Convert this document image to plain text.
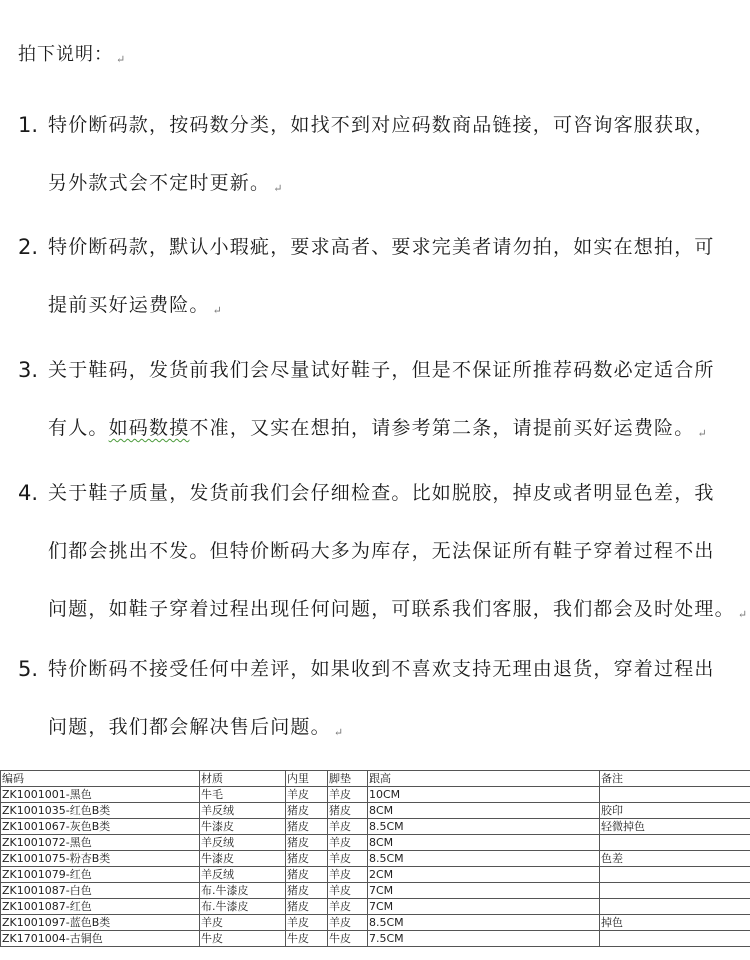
拍下说明： ↵
1. 特价断码款，按码数分类，如找不到对应码数商品链接，可咨询客服获取，
另外款式会不定时更新。 ↵
2. 特价断码款，默认小瑕疵，要求高者、要求完美者请勿拍，如实在想拍，可
提前买好运费险。 ↵
3. 关于鞋码，发货前我们会尽量试好鞋子，但是不保证所推荐码数必定适合所
有人。如码数摸不准，又实在想拍，请参考第二条，请提前买好运费险。 ↵
4. 关于鞋子质量，发货前我们会仔细检查。比如脱胶，掉皮或者明显色差，我
们都会挑出不发。但特价断码大多为库存，无法保证所有鞋子穿着过程不出
问题，如鞋子穿着过程出现任何问题，可联系我们客服，我们都会及时处理。 ↵
5. 特价断码不接受任何中差评，如果收到不喜欢支持无理由退货，穿着过程出
问题，我们都会解决售后问题。 ↵
编码	材质	内里	脚垫	跟高	备注
ZK1001001-黑色	牛毛	羊皮	羊皮	10CM	
ZK1001035-红色B类	羊反绒	猪皮	猪皮	8CM	胶印
ZK1001067-灰色B类	牛漆皮	猪皮	羊皮	8.5CM	轻微掉色
ZK1001072-黑色	羊反绒	猪皮	羊皮	8CM	
ZK1001075-粉杏B类	牛漆皮	猪皮	羊皮	8.5CM	色差
ZK1001079-红色	羊反绒	猪皮	羊皮	2CM	
ZK1001087-白色	布.牛漆皮	猪皮	羊皮	7CM	
ZK1001087-红色	布.牛漆皮	猪皮	羊皮	7CM	
ZK1001097-蓝色B类	羊皮	羊皮	羊皮	8.5CM	掉色
ZK1701004-古铜色	牛皮	牛皮	牛皮	7.5CM	
